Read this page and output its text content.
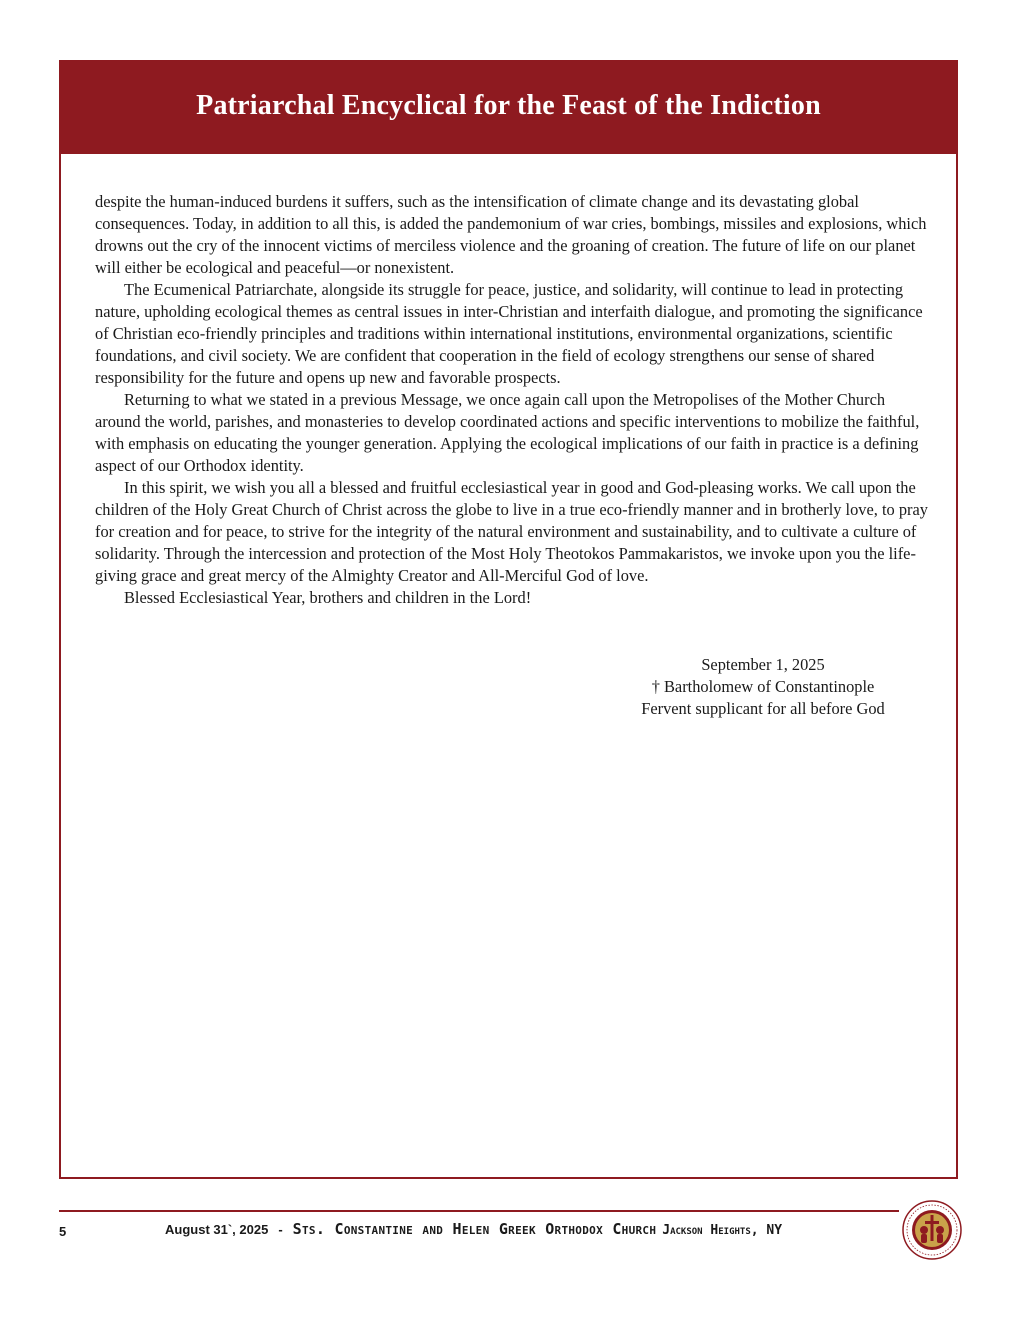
Patriarchal Encyclical for the Feast of the Indiction

despite the human-induced burdens it suffers, such as the intensification of climate change and its devastating global consequences. Today, in addition to all this, is added the pandemonium of war cries, bombings, missiles and explosions, which drowns out the cry of the innocent victims of merciless violence and the groaning of creation. The future of life on our planet will either be ecological and peaceful—or nonexistent.

The Ecumenical Patriarchate, alongside its struggle for peace, justice, and solidarity, will continue to lead in protecting nature, upholding ecological themes as central issues in inter-Christian and interfaith dialogue, and promoting the significance of Christian eco-friendly principles and traditions within international institutions, environmental organizations, scientific foundations, and civil society. We are confident that cooperation in the field of ecology strengthens our sense of shared responsibility for the future and opens up new and favorable prospects.

Returning to what we stated in a previous Message, we once again call upon the Metropolises of the Mother Church around the world, parishes, and monasteries to develop coordinated actions and specific interventions to mobilize the faithful, with emphasis on educating the younger generation. Applying the ecological implications of our faith in practice is a defining aspect of our Orthodox identity.

In this spirit, we wish you all a blessed and fruitful ecclesiastical year in good and God-pleasing works. We call upon the children of the Holy Great Church of Christ across the globe to live in a true eco-friendly manner and in brotherly love, to pray for creation and for peace, to strive for the integrity of the natural environment and sustainability, and to cultivate a culture of solidarity. Through the intercession and protection of the Most Holy Theotokos Pammakaristos, we invoke upon you the life- giving grace and great mercy of the Almighty Creator and All-Merciful God of love.

Blessed Ecclesiastical Year, brothers and children in the Lord!

September 1, 2025
† Bartholomew of Constantinople
Fervent supplicant for all before God
5	August 31`, 2025 - Sts. Constantine and Helen Greek Orthodox Church Jackson Heights, NY
